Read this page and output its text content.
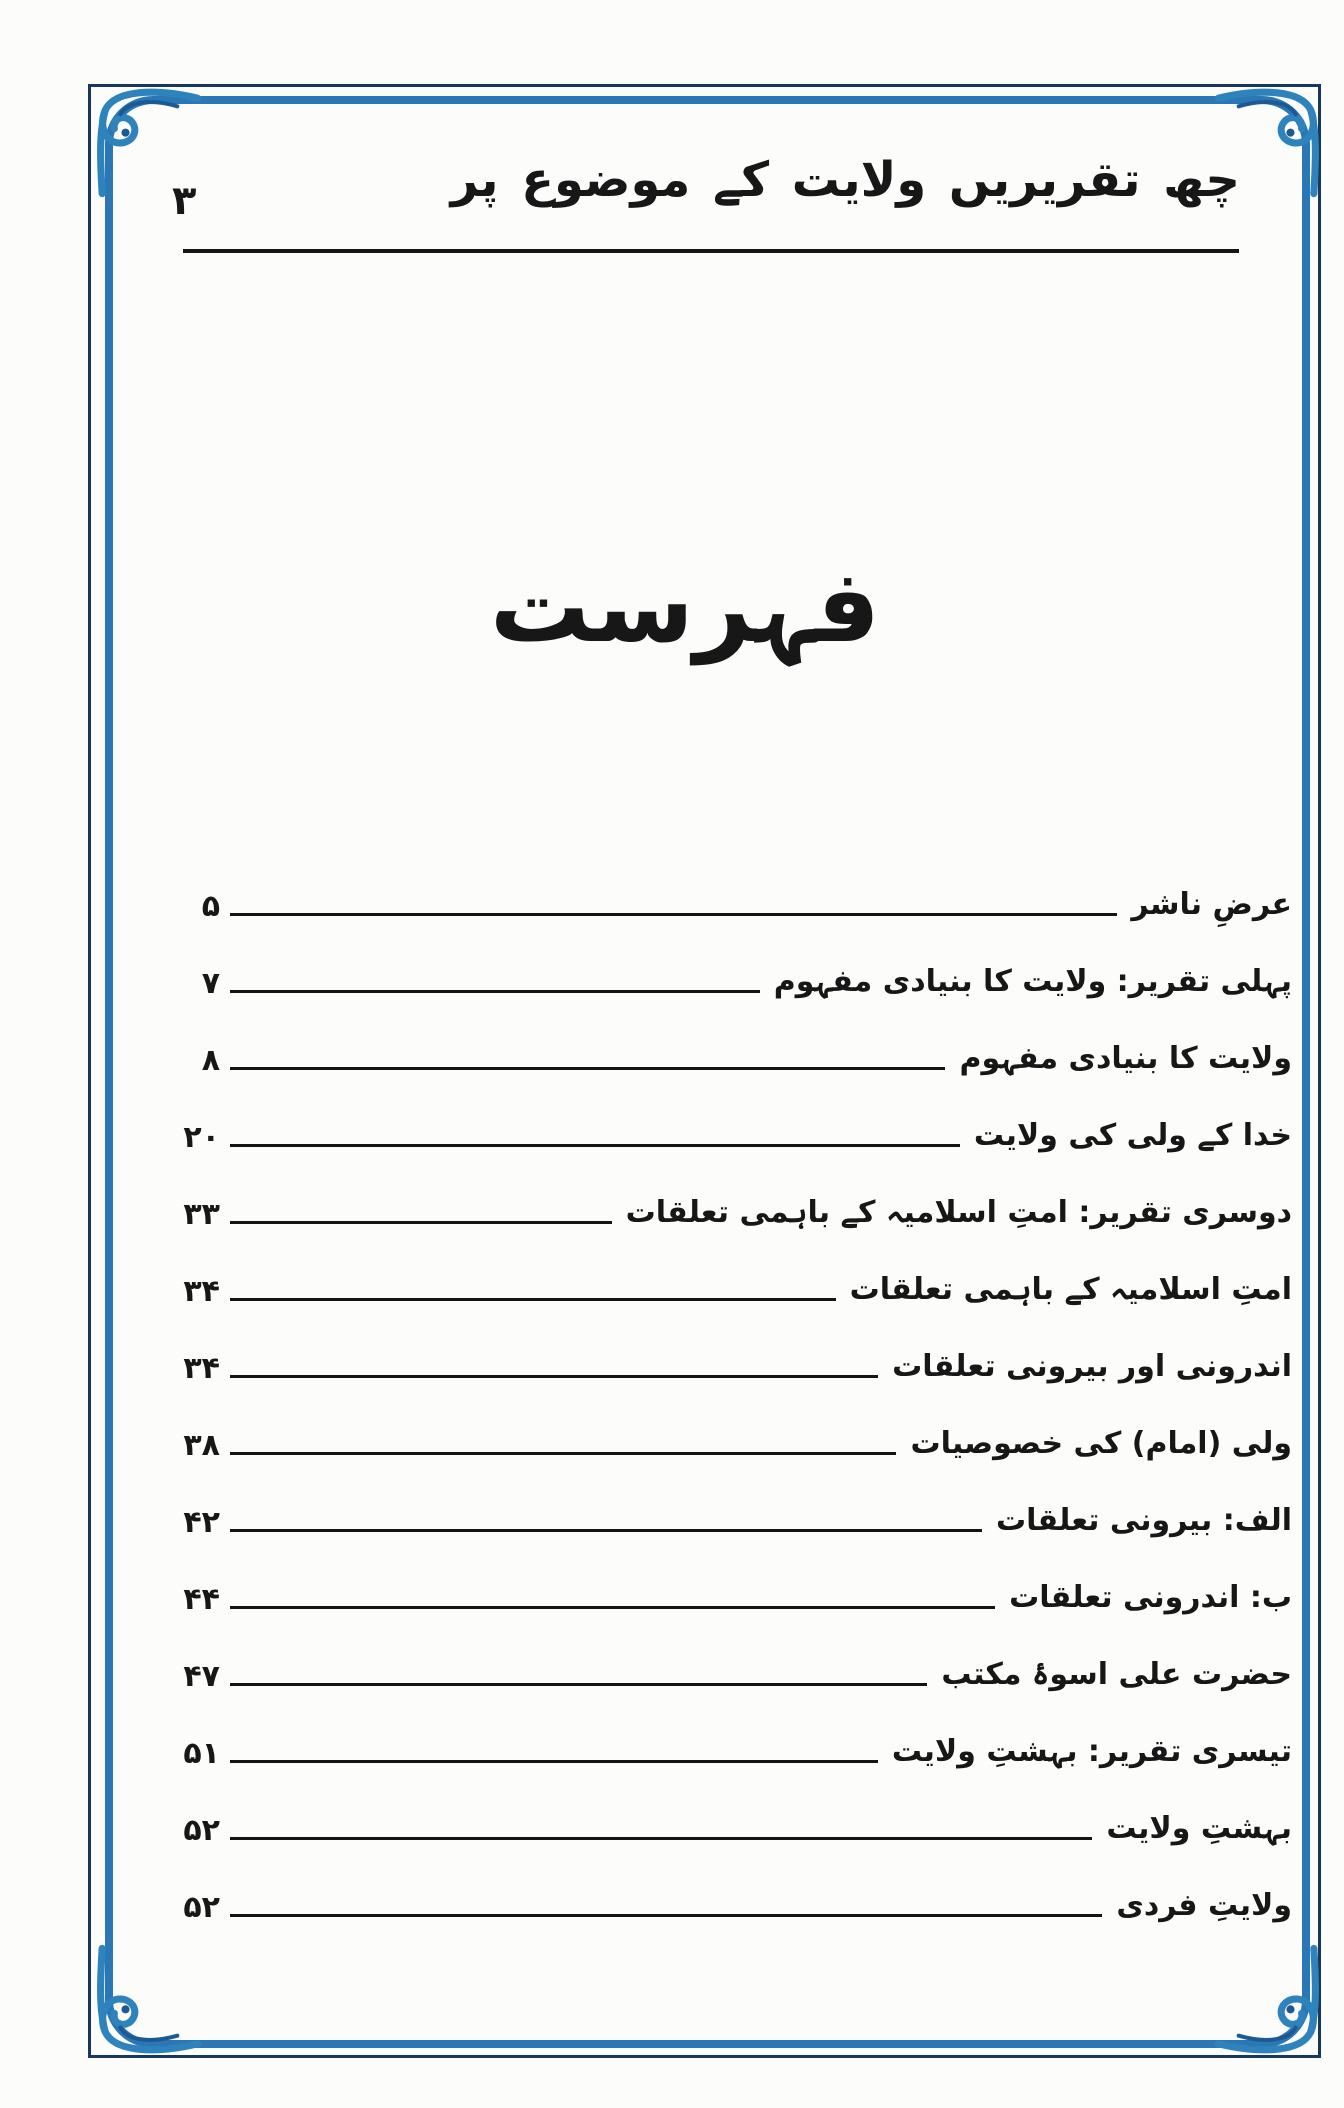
۳	چھ تقریریں ولایت کے موضوع پر
فہرست
عرضِ ناشر
۵
پہلی تقریر: ولایت کا بنیادی مفہوم
۷
ولایت کا بنیادی مفہوم
۸
خدا کے ولی کی ولایت
۲۰
دوسری تقریر: امتِ اسلامیہ کے باہمی تعلقات
۳۳
امتِ اسلامیہ کے باہمی تعلقات
۳۴
اندرونی اور بیرونی تعلقات
۳۴
ولی (امام) کی خصوصیات
۳۸
الف: بیرونی تعلقات
۴۲
ب: اندرونی تعلقات
۴۴
حضرت علی اسوۂ مکتب
۴۷
تیسری تقریر: بہشتِ ولایت
۵۱
بہشتِ ولایت
۵۲
ولایتِ فردی
۵۲
